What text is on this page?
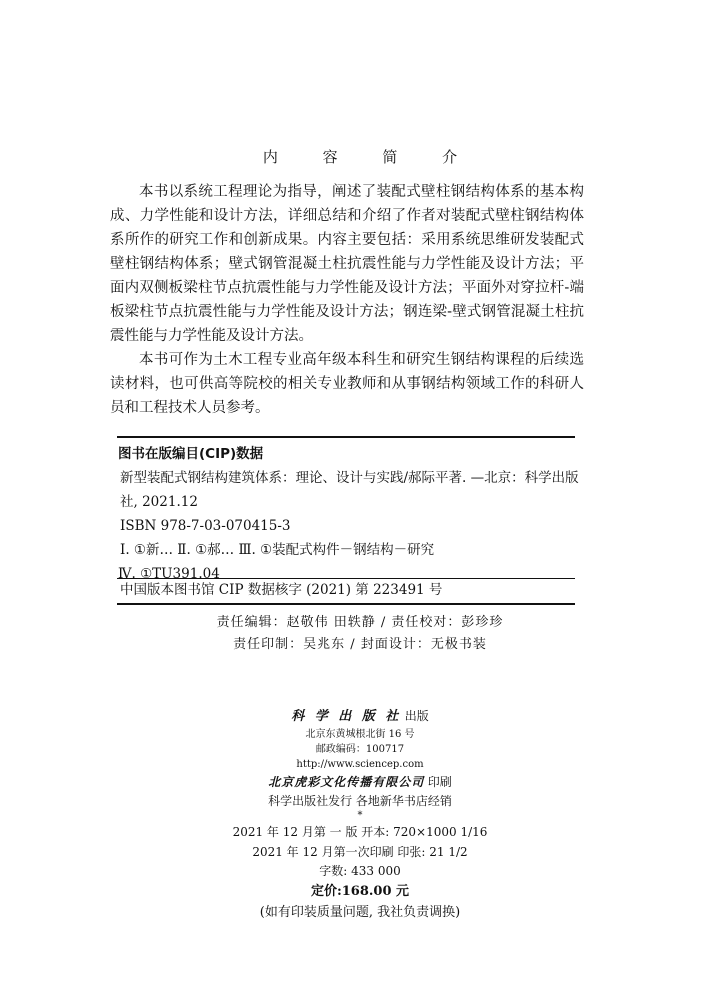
内 容 简 介

本书以系统工程理论为指导，阐述了装配式壁柱钢结构体系的基本构成、力学性能和设计方法，详细总结和介绍了作者对装配式壁柱钢结构体系所作的研究工作和创新成果。内容主要包括：采用系统思维研发装配式壁柱钢结构体系；壁式钢管混凝土柱抗震性能与力学性能及设计方法；平面内双侧板梁柱节点抗震性能与力学性能及设计方法；平面外对穿拉杆-端板梁柱节点抗震性能与力学性能及设计方法；钢连梁-壁式钢管混凝土柱抗震性能与力学性能及设计方法。

本书可作为土木工程专业高年级本科生和研究生钢结构课程的后续选读材料，也可供高等院校的相关专业教师和从事钢结构领域工作的科研人员和工程技术人员参考。

图书在版编目(CIP)数据
新型装配式钢结构建筑体系：理论、设计与实践/郝际平著. —北京：科学出版社, 2021.12
ISBN 978-7-03-070415-3
Ⅰ. ①新… Ⅱ. ①郝… Ⅲ. ①装配式构件－钢结构－研究
Ⅳ. ①TU391.04
中国版本图书馆 CIP 数据核字 (2021) 第 223491 号
责任编辑：赵敬伟 田轶静 / 责任校对：彭珍珍
责任印制：吴兆东 / 封面设计：无极书装
科 学 出 版 社 出版
北京东黄城根北街 16 号
邮政编码：100717
http://www.sciencep.com
北京虎彩文化传播有限公司 印刷
科学出版社发行 各地新华书店经销
*
2021 年 12 月第 一 版 开本: 720×1000 1/16
2021 年 12 月第一次印刷 印张: 21 1/2
字数: 433 000
定价:168.00 元
(如有印装质量问题, 我社负责调换)
